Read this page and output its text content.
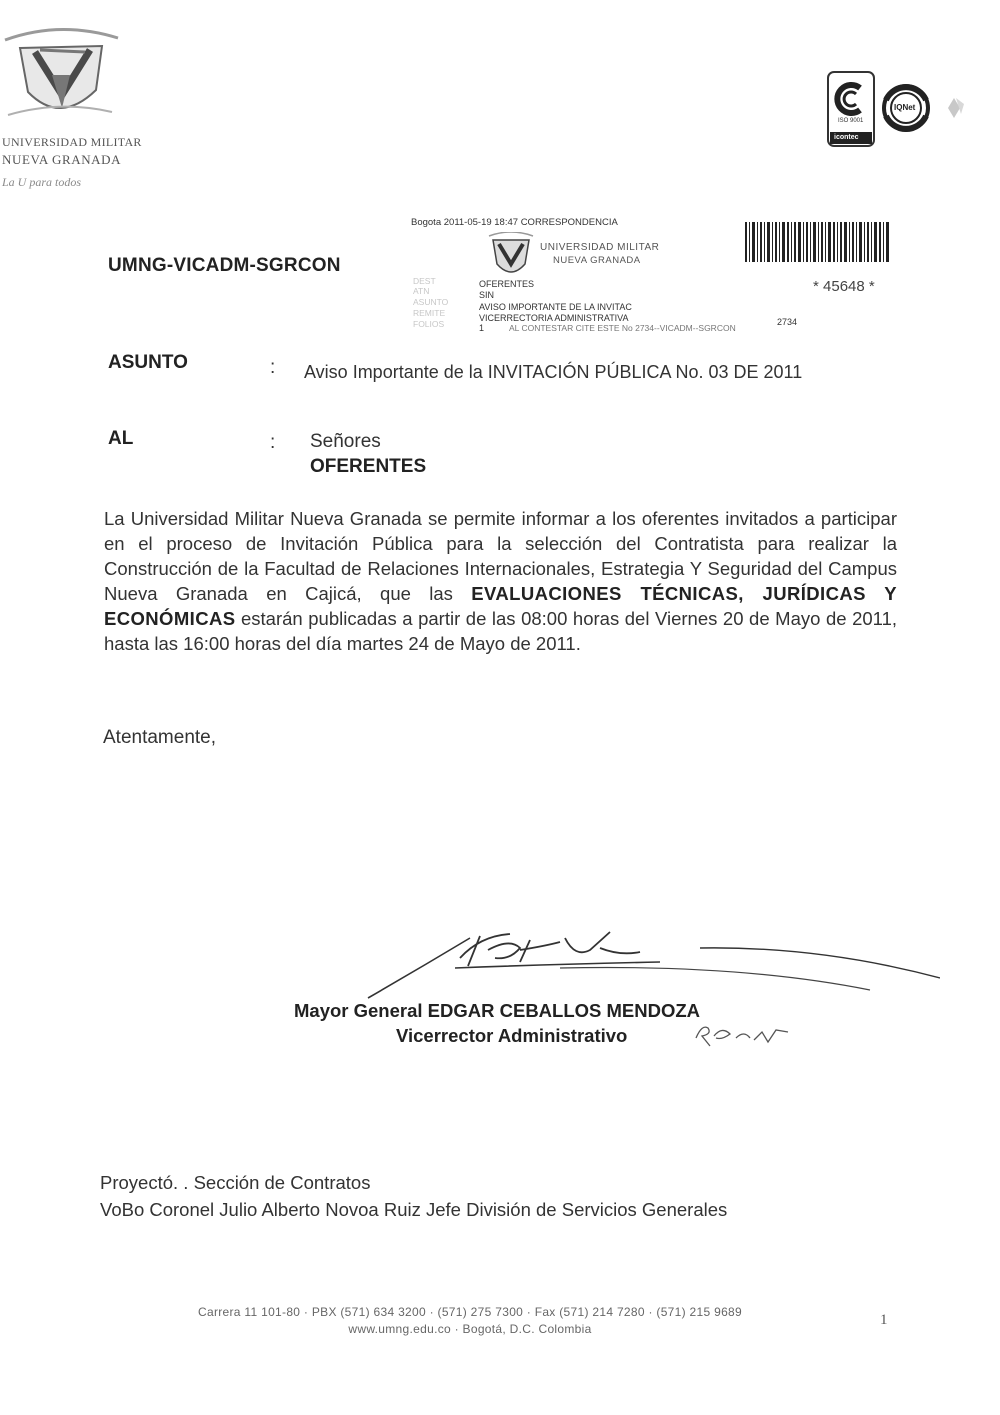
UNIVERSIDAD MILITAR
NUEVA GRANADA
La U para todos
ISO 9001
icontec
IQNet
UMNG-VICADM-SGRCON
Bogota 2011-05-19 18:47 CORRESPONDENCIA
UNIVERSIDAD MILITAR
NUEVA GRANADA
DEST	OFERENTES
ATN	SIN
ASUNTO	AVISO IMPORTANTE DE LA INVITAC
REMITE	VICERRECTORIA ADMINISTRATIVA
FOLIOS	1	AL CONTESTAR CITE ESTE No 2734--VICADM--SGRCON
2734
* 45648 *
ASUNTO	: Aviso Importante de la INVITACIÓN PÚBLICA No. 03 DE 2011
AL	: Señores
OFERENTES
La Universidad Militar Nueva Granada se permite informar a los oferentes invitados a participar en el proceso de Invitación Pública para la selección del Contratista para realizar la Construcción de la Facultad de Relaciones Internacionales, Estrategia Y Seguridad del Campus Nueva Granada en Cajicá, que las EVALUACIONES TÉCNICAS, JURÍDICAS Y ECONÓMICAS estarán publicadas a partir de las 08:00 horas del Viernes 20 de Mayo de 2011, hasta las 16:00 horas del día martes 24 de Mayo de 2011.
Atentamente,
Mayor General EDGAR CEBALLOS MENDOZA
Vicerrector Administrativo
Proyectó. . Sección de Contratos
VoBo Coronel Julio Alberto Novoa Ruiz Jefe División de Servicios Generales
Carrera 11 101-80 · PBX (571) 634 3200 · (571) 275 7300 · Fax (571) 214 7280 · (571) 215 9689
www.umng.edu.co · Bogotá, D.C. Colombia
1
